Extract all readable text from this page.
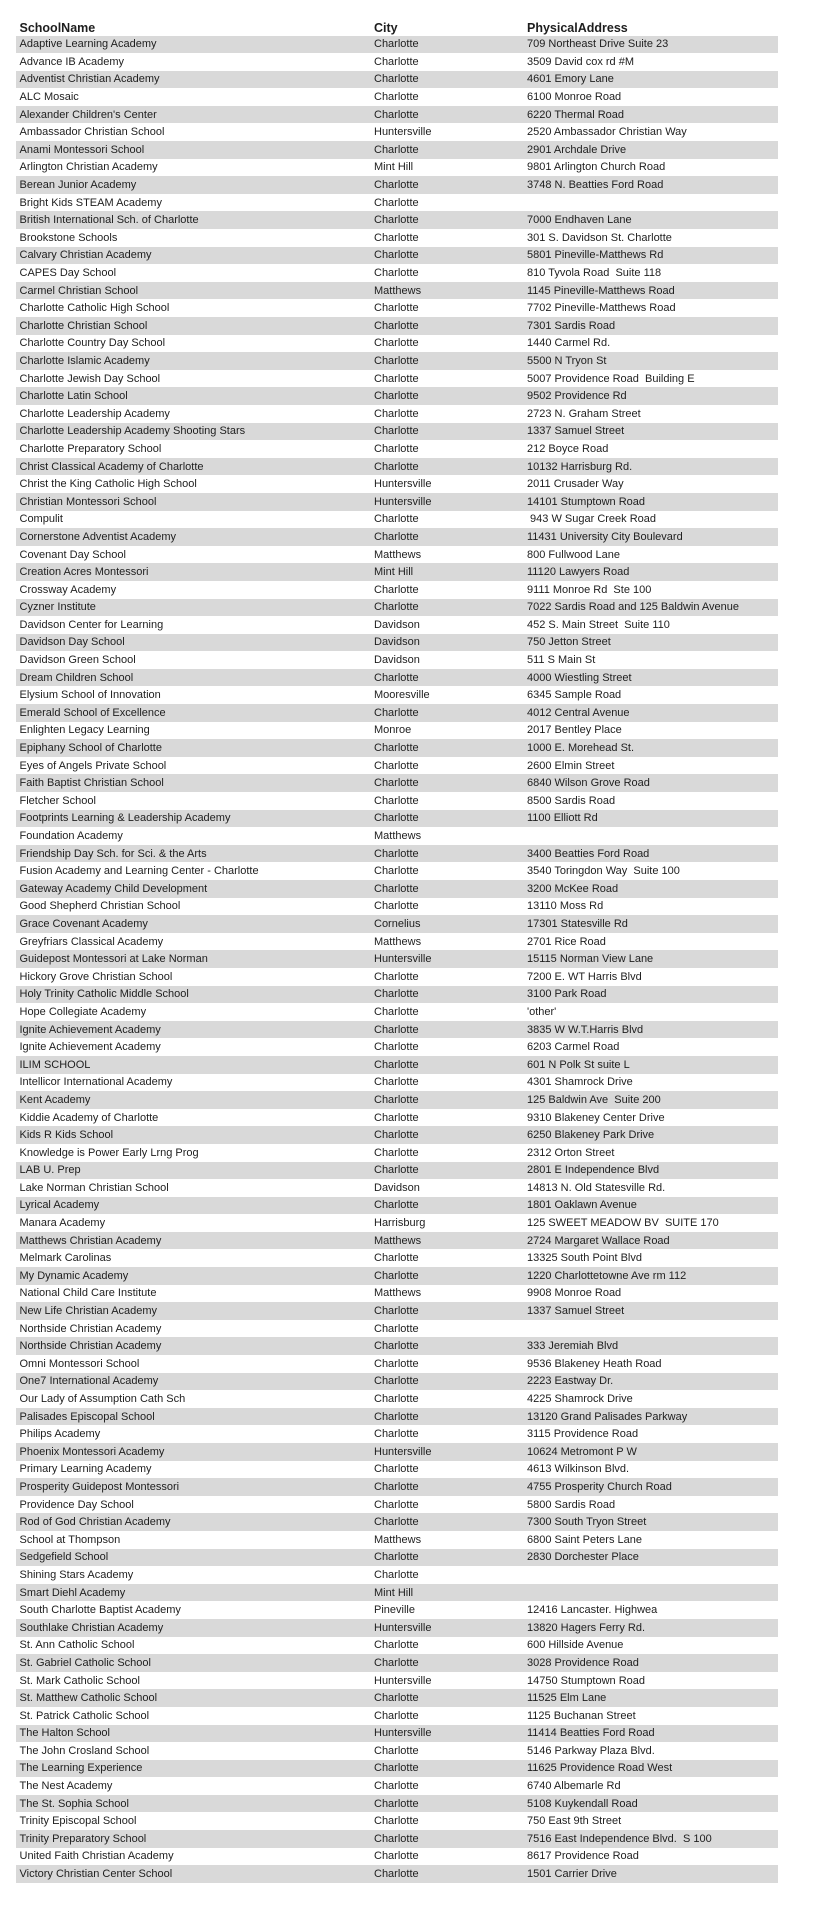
SchoolName	City	PhysicalAddress
Adaptive Learning Academy	Charlotte	709 Northeast Drive Suite 23
Advance IB Academy	Charlotte	3509 David cox rd #M
Adventist Christian Academy	Charlotte	4601 Emory Lane
ALC Mosaic	Charlotte	6100 Monroe Road
Alexander Children's Center	Charlotte	6220 Thermal Road
Ambassador Christian School	Huntersville	2520 Ambassador Christian Way
Anami Montessori School	Charlotte	2901 Archdale Drive
Arlington Christian Academy	Mint Hill	9801 Arlington Church Road
Berean Junior Academy	Charlotte	3748 N. Beatties Ford Road
Bright Kids STEAM Academy	Charlotte
British International Sch. of Charlotte	Charlotte	7000 Endhaven Lane
Brookstone Schools	Charlotte	301 S. Davidson St. Charlotte
Calvary Christian Academy	Charlotte	5801 Pineville-Matthews Rd
CAPES Day School	Charlotte	810 Tyvola Road  Suite 118
Carmel Christian School	Matthews	1145 Pineville-Matthews Road
Charlotte Catholic High School	Charlotte	7702 Pineville-Matthews Road
Charlotte Christian School	Charlotte	7301 Sardis Road
Charlotte Country Day School	Charlotte	1440 Carmel Rd.
Charlotte Islamic Academy	Charlotte	5500 N Tryon St
Charlotte Jewish Day School	Charlotte	5007 Providence Road  Building E
Charlotte Latin School	Charlotte	9502 Providence Rd
Charlotte Leadership Academy	Charlotte	2723 N. Graham Street
Charlotte Leadership Academy Shooting Stars	Charlotte	1337 Samuel Street
Charlotte Preparatory School	Charlotte	212 Boyce Road
Christ Classical Academy of Charlotte	Charlotte	10132 Harrisburg Rd.
Christ the King Catholic High School	Huntersville	2011 Crusader Way
Christian Montessori School	Huntersville	14101 Stumptown Road
Compulit	Charlotte	943 W Sugar Creek Road
Cornerstone Adventist Academy	Charlotte	11431 University City Boulevard
Covenant Day School	Matthews	800 Fullwood Lane
Creation Acres Montessori	Mint Hill	11120 Lawyers Road
Crossway Academy	Charlotte	9111 Monroe Rd  Ste 100
Cyzner Institute	Charlotte	7022 Sardis Road and 125 Baldwin Avenue
Davidson Center for Learning	Davidson	452 S. Main Street  Suite 110
Davidson Day School	Davidson	750 Jetton Street
Davidson Green School	Davidson	511 S Main St
Dream Children School	Charlotte	4000 Wiestling Street
Elysium School of Innovation	Mooresville	6345 Sample Road
Emerald School of Excellence	Charlotte	4012 Central Avenue
Enlighten Legacy Learning	Monroe	2017 Bentley Place
Epiphany School of Charlotte	Charlotte	1000 E. Morehead St.
Eyes of Angels Private School	Charlotte	2600 Elmin Street
Faith Baptist Christian School	Charlotte	6840 Wilson Grove Road
Fletcher School	Charlotte	8500 Sardis Road
Footprints Learning & Leadership Academy	Charlotte	1100 Elliott Rd
Foundation Academy	Matthews
Friendship Day Sch. for Sci. & the Arts	Charlotte	3400 Beatties Ford Road
Fusion Academy and Learning Center - Charlotte	Charlotte	3540 Toringdon Way  Suite 100
Gateway Academy Child Development	Charlotte	3200 McKee Road
Good Shepherd Christian School	Charlotte	13110 Moss Rd
Grace Covenant Academy	Cornelius	17301 Statesville Rd
Greyfriars Classical Academy	Matthews	2701 Rice Road
Guidepost Montessori at Lake Norman	Huntersville	15115 Norman View Lane
Hickory Grove Christian School	Charlotte	7200 E. WT Harris Blvd
Holy Trinity Catholic Middle School	Charlotte	3100 Park Road
Hope Collegiate Academy	Charlotte	'other'
Ignite Achievement Academy	Charlotte	3835 W W.T.Harris Blvd
Ignite Achievement Academy	Charlotte	6203 Carmel Road
ILIM SCHOOL	Charlotte	601 N Polk St suite L
Intellicor International Academy	Charlotte	4301 Shamrock Drive
Kent Academy	Charlotte	125 Baldwin Ave  Suite 200
Kiddie Academy of Charlotte	Charlotte	9310 Blakeney Center Drive
Kids R Kids School	Charlotte	6250 Blakeney Park Drive
Knowledge is Power Early Lrng Prog	Charlotte	2312 Orton Street
LAB U. Prep	Charlotte	2801 E Independence Blvd
Lake Norman Christian School	Davidson	14813 N. Old Statesville Rd.
Lyrical Academy	Charlotte	1801 Oaklawn Avenue
Manara Academy	Harrisburg	125 SWEET MEADOW BV  SUITE 170
Matthews Christian Academy	Matthews	2724 Margaret Wallace Road
Melmark Carolinas	Charlotte	13325 South Point Blvd
My Dynamic Academy	Charlotte	1220 Charlottetowne Ave rm 112
National Child Care Institute	Matthews	9908 Monroe Road
New Life Christian Academy	Charlotte	1337 Samuel Street
Northside Christian Academy	Charlotte
Northside Christian Academy	Charlotte	333 Jeremiah Blvd
Omni Montessori School	Charlotte	9536 Blakeney Heath Road
One7 International Academy	Charlotte	2223 Eastway Dr.
Our Lady of Assumption Cath Sch	Charlotte	4225 Shamrock Drive
Palisades Episcopal School	Charlotte	13120 Grand Palisades Parkway
Philips Academy	Charlotte	3115 Providence Road
Phoenix Montessori Academy	Huntersville	10624 Metromont P W
Primary Learning Academy	Charlotte	4613 Wilkinson Blvd.
Prosperity Guidepost Montessori	Charlotte	4755 Prosperity Church Road
Providence Day School	Charlotte	5800 Sardis Road
Rod of God Christian Academy	Charlotte	7300 South Tryon Street
School at Thompson	Matthews	6800 Saint Peters Lane
Sedgefield School	Charlotte	2830 Dorchester Place
Shining Stars Academy	Charlotte
Smart Diehl Academy	Mint Hill
South Charlotte Baptist Academy	Pineville	12416 Lancaster. Highwea
Southlake Christian Academy	Huntersville	13820 Hagers Ferry Rd.
St. Ann Catholic School	Charlotte	600 Hillside Avenue
St. Gabriel Catholic School	Charlotte	3028 Providence Road
St. Mark Catholic School	Huntersville	14750 Stumptown Road
St. Matthew Catholic School	Charlotte	11525 Elm Lane
St. Patrick Catholic School	Charlotte	1125 Buchanan Street
The Halton School	Huntersville	11414 Beatties Ford Road
The John Crosland School	Charlotte	5146 Parkway Plaza Blvd.
The Learning Experience	Charlotte	11625 Providence Road West
The Nest Academy	Charlotte	6740 Albemarle Rd
The St. Sophia School	Charlotte	5108 Kuykendall Road
Trinity Episcopal School	Charlotte	750 East 9th Street
Trinity Preparatory School	Charlotte	7516 East Independence Blvd.  S 100
United Faith Christian Academy	Charlotte	8617 Providence Road
Victory Christian Center School	Charlotte	1501 Carrier Drive
